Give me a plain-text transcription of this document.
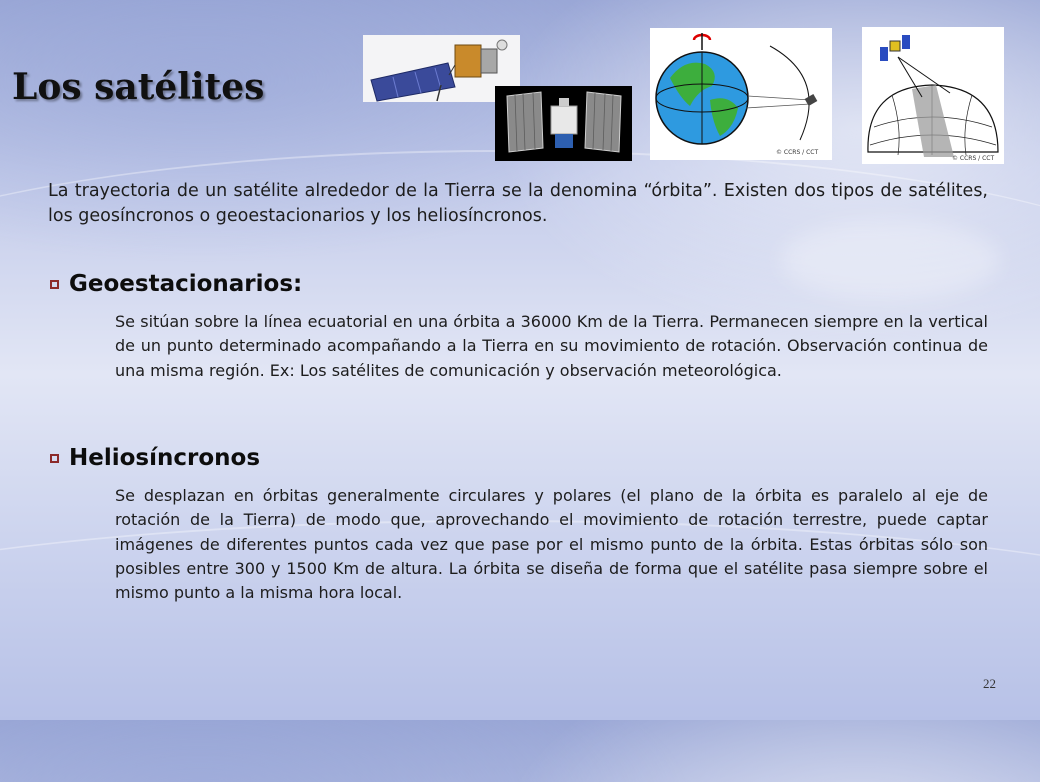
Los satélites
© CCRS / CCT
© CCRS / CCT

La trayectoria de un satélite alrededor de la Tierra se la denomina “órbita”. Existen dos tipos de satélites, los geosíncronos o geoestacionarios y los heliosíncronos.

Geoestacionarios:

Se sitúan sobre la línea ecuatorial en una órbita a 36000 Km de la Tierra. Permanecen siempre en la vertical de un punto determinado acompañando a la Tierra en su movimiento de rotación. Observación continua de una misma región. Ex: Los satélites de comunicación y observación meteorológica.

Heliosíncronos

Se desplazan en órbitas generalmente circulares y polares (el plano de la órbita es paralelo al eje de rotación de la Tierra) de modo que, aprovechando el movimiento de rotación terrestre, puede captar imágenes de diferentes puntos cada vez que pase por el mismo punto de la órbita. Estas órbitas sólo son posibles entre 300 y 1500 Km de altura. La órbita se diseña de forma que el satélite pasa siempre sobre el mismo punto a la misma hora local.

22
